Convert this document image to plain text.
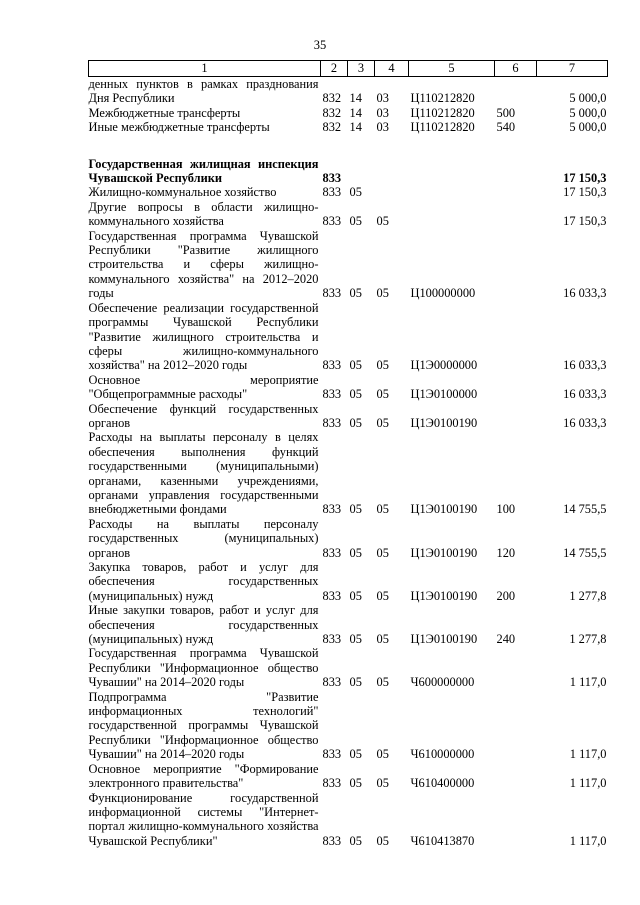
35
1	2	3	4	5	6	7
денных пунктов в рамках празднования Дня Республики	832	14	03	Ц110212820		5 000,0
Межбюджетные трансферты	832	14	03	Ц110212820	500	5 000,0
Иные межбюджетные трансферты	832	14	03	Ц110212820	540	5 000,0

Государственная жилищная инспекция Чувашской Республики	833					17 150,3
Жилищно-коммунальное хозяйство	833	05				17 150,3
Другие вопросы в области жилищно-коммунального хозяйства	833	05	05			17 150,3
Государственная программа Чувашской Республики "Развитие жилищного строительства и сферы жилищно-коммунального хозяйства" на 2012–2020 годы	833	05	05	Ц100000000		16 033,3
Обеспечение реализации государственной программы Чувашской Республики "Развитие жилищного строительства и сферы жилищно-коммунального хозяйства" на 2012–2020 годы	833	05	05	Ц1Э0000000		16 033,3
Основное мероприятие "Общепрограммные расходы"	833	05	05	Ц1Э0100000		16 033,3
Обеспечение функций государственных органов	833	05	05	Ц1Э0100190		16 033,3
Расходы на выплаты персоналу в целях обеспечения выполнения функций государственными (муниципальными) органами, казенными учреждениями, органами управления государственными внебюджетными фондами	833	05	05	Ц1Э0100190	100	14 755,5
Расходы на выплаты персоналу государственных (муниципальных) органов	833	05	05	Ц1Э0100190	120	14 755,5
Закупка товаров, работ и услуг для обеспечения государственных (муниципальных) нужд	833	05	05	Ц1Э0100190	200	1 277,8
Иные закупки товаров, работ и услуг для обеспечения государственных (муниципальных) нужд	833	05	05	Ц1Э0100190	240	1 277,8
Государственная программа Чувашской Республики "Информационное общество Чувашии" на 2014–2020 годы	833	05	05	Ч600000000		1 117,0
Подпрограмма "Развитие информационных технологий" государственной программы Чувашской Республики "Информационное общество Чувашии" на 2014–2020 годы	833	05	05	Ч610000000		1 117,0
Основное мероприятие "Формирование электронного правительства"	833	05	05	Ч610400000		1 117,0
Функционирование государственной информационной системы "Интернет-портал жилищно-коммунального хозяйства Чувашской Республики"	833	05	05	Ч610413870		1 117,0
